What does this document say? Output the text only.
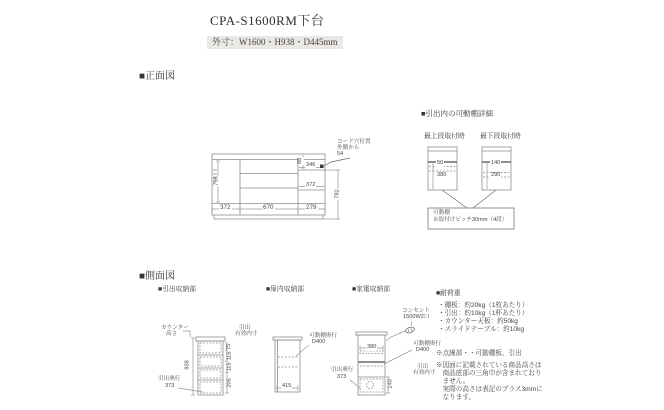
CPA-S1600RM下台
外寸：W1600・H938・D445mm
■正面図
コード穴位置
外側から
54
798
372	670	279
88
346
372
782
■引出内の可動棚詳細
最上段取付時 最下段取付時
50
380
140
290
可動棚
※取付けピッチ30mm（4段）
■側面図
■引出収納部	■扉内収納部	■家電収納部
カウンター
高さ
938
引出
有効内寸
75
115
115
205
引出奥行
373
可動棚奥行
D400
415
コンセント
1500W2口
380	可動棚奥行
D400
引出
有効内寸
140
引出奥行
373
■耐荷重
・棚板：約20kg（1枚あたり）
・引出：約10kg（1杯あたり）
・カウンター天板：約50kg
・スライドテーブル：約10kg
※点線部・・可動棚板、引出
※図面に記載されている商品高さは
　商品底部の三角巾が含まれており
　ません。
　実際の高さは表記のプラス3mmに
　なります。
